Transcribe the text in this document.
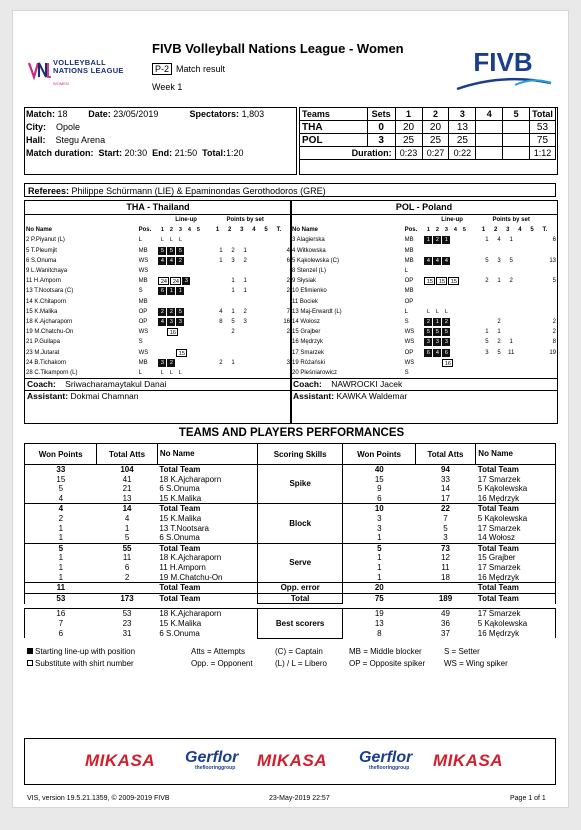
VOLLEYBALL
NATIONS LEAGUE
WOMEN
FIVB Volleyball Nations League - Women
P-2 Match result
Week 1
FIVB
Match: 18	Date: 23/05/2019	Spectators: 1,803
City: Opole
Hall: Stegu Arena
Match duration: Start: 20:30 End: 21:50 Total:1:20
Teams	Sets	1	2	3	4	5	Total
THA	0	20	20	13			53
POL	3	25	25	25			75
Duration:		0:23	0:27	0:22			1:12
Referees: Philippe Schürmann (LIE) & Epaminondas Gerothodoros (GRE)
THA - Thailand
		Line-up	Points by set					
No Name	Pos.	1 2 3 4 5	1	2	3	4	5	T.
2 P.Piyanut (L)	L	L L L						
5 T.Pleumjit	MB	5 5 5	1	2	1			4
6 S.Onuma	WS	4 4 2	1	3	2			6
9 L.Wanitchaya	WS							
11 H.Amporn	MB	24 24 3		1	1			2
13 T.Nootsara (C)	S	6 1 1		1	1			2
14 K.Chitaporn	MB							
15 K.Malika	OP	2 2 5	4	1	2			7
18 K.Ajcharaporn	OP	4 3 3	8	5	3			16
19 M.Chatchu-On	WS	16		2				2
21 P.Gullapa	S							
23 M.Jutarat	WS	15						
24 B.Tichakorn	MB	3 2	2	1				3
28 C.Tikamporn (L)	L	L L L						
Coach: Sriwacharamaytakul Danai
Assistant: Dokmai Chamnan
POL - Poland
		Line-up	Points by set					
No Name	Pos.	1 2 3 4 5	1	2	3	4	5	T.
3 Alagierska	MB	1 2 1	1	4	1			6
4 Witkowska	MB							
5 Kąkolewska (C)	MB	4 4 4	5	3	5			13
8 Stenzel (L)	L							
9 Słysiak	OP	15 15 15	2	1	2			5
10 Efimienko	MB							
11 Bociek	OP							
13 Maj-Erwardt (L)	L	L L L						
14 Wołosz	S	2 1 2		2				2
15 Grajber	WS	5 5 5	1	1				2
16 Mędrzyk	WS	3 3 3	5	2	1			8
17 Smarzek	OP	6 4 6	3	5	11			19
19 Różański	WS	16						
20 Pleśniarowicz	S							
Coach: NAWROCKI Jacek
Assistant: KAWKA Waldemar
TEAMS AND PLAYERS PERFORMANCES
Won Points	Total Atts	No Name	Scoring Skills	Won Points	Total Atts	No Name
33	104	Total Team	Spike	40	94	Total Team
15	41	18 K.Ajcharaporn		15	33	17 Smarzek
5	21	6 S.Onuma		9	14	5 Kąkolewska
4	13	15 K.Malika		6	17	16 Mędrzyk
4	14	Total Team	Block	10	22	Total Team
2	4	15 K.Malika		3	7	5 Kąkolewska
1	1	13 T.Nootsara		3	5	17 Smarzek
1	5	6 S.Onuma		1	3	14 Wołosz
5	55	Total Team	Serve	5	73	Total Team
1	11	18 K.Ajcharaporn		1	12	15 Grajber
1	6	11 H.Amporn		1	11	17 Smarzek
1	2	19 M.Chatchu-On		1	18	16 Mędrzyk
11		Total Team	Opp. error	20		Total Team
53	173	Total Team	Total	75	189	Total Team

16	53	18 K.Ajcharaporn	Best scorers	19	49	17 Smarzek
7	23	15 K.Malika		13	36	5 Kąkolewska
6	31	6 S.Onuma		8	37	16 Mędrzyk
Starting line-up with position	Atts = Attempts	(C) = Captain	MB = Middle blocker	S = Setter
Substitute with shirt number	Opp. = Opponent	(L) / L = Libero	OP = Opposite spiker WS = Wing spiker
MIKASA Gerflor
theflooringgroup MIKASA Gerflor
theflooringgroup MIKASA
VIS, version 19.5.21.1359, © 2009-2019 FIVB	23-May-2019 22:57	Page 1 of 1
